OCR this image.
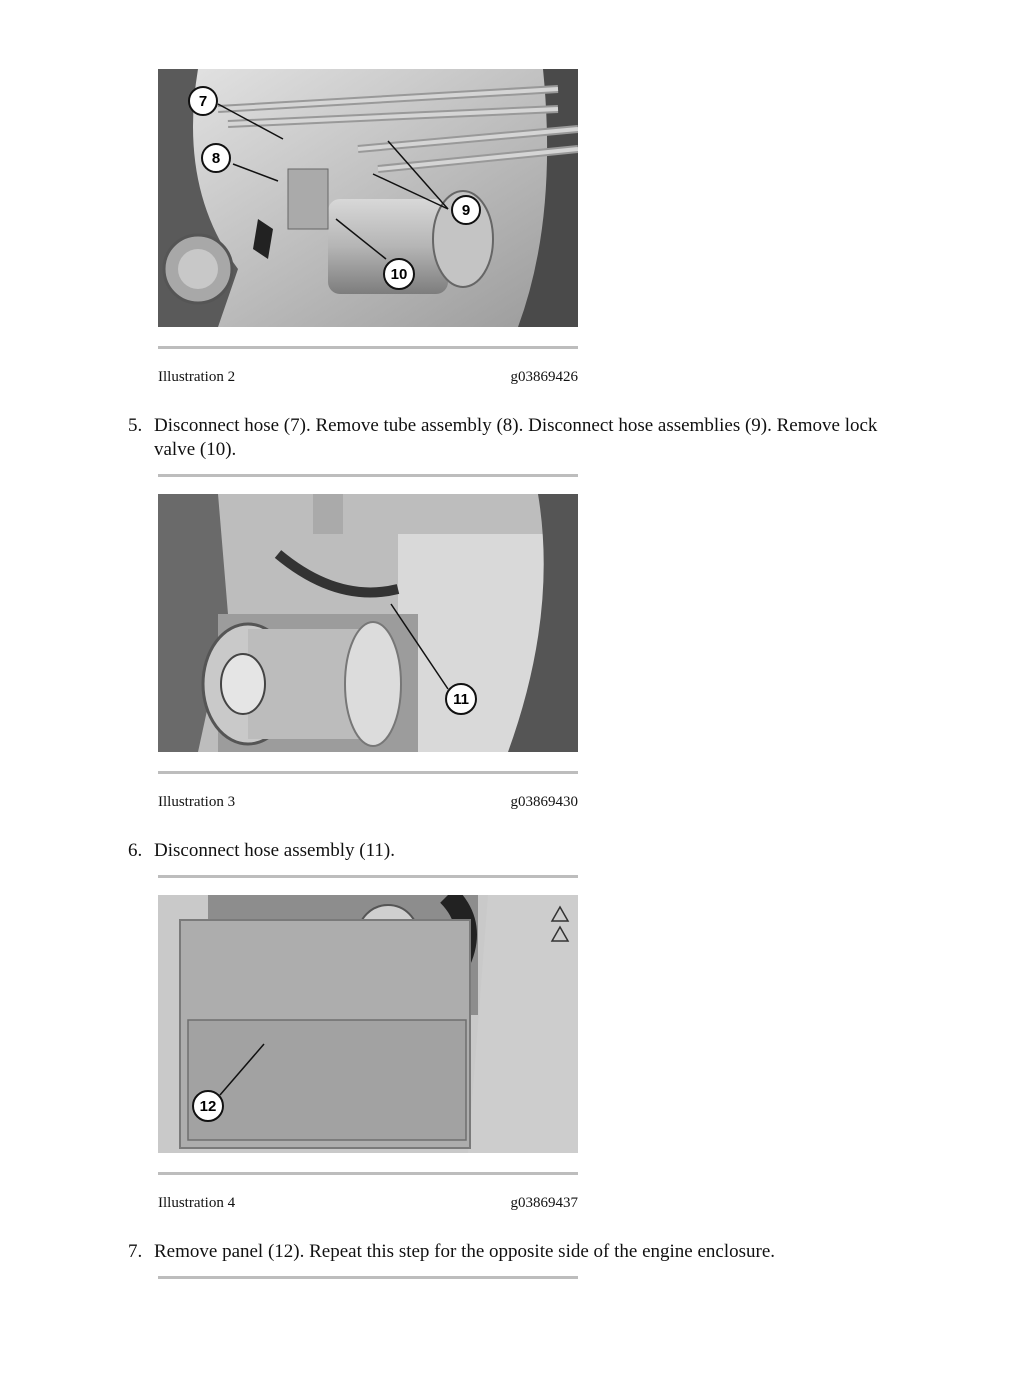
7
8
9
10
Illustration 2	g03869426
5. Disconnect hose (7). Remove tube assembly (8). Disconnect hose assemblies (9). Remove lock valve (10).
11
Illustration 3	g03869430
6. Disconnect hose assembly (11).
12
Illustration 4	g03869437
7. Remove panel (12). Repeat this step for the opposite side of the engine enclosure.
